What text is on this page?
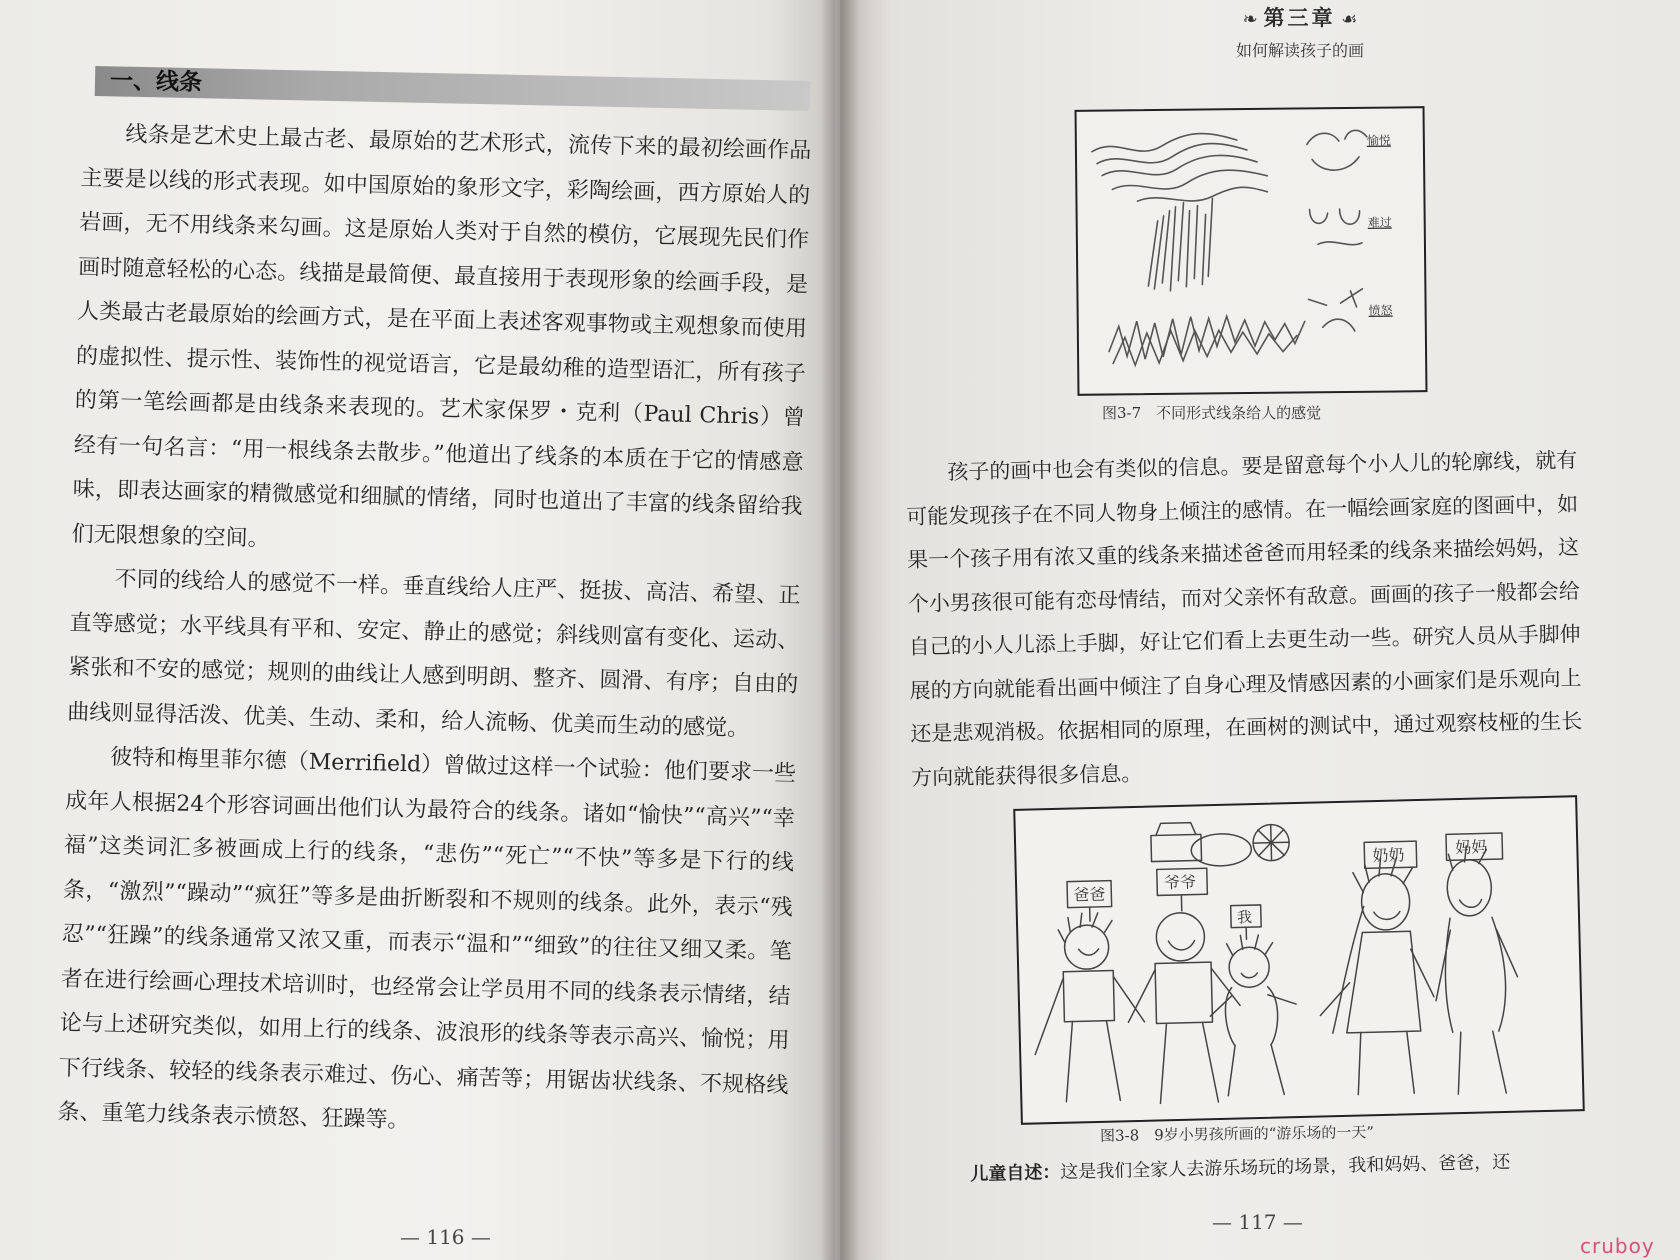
一、线条

线条是艺术史上最古老、最原始的艺术形式，流传下来的最初绘画作品主要是以线的形式表现。如中国原始的象形文字，彩陶绘画，西方原始人的岩画，无不用线条来勾画。这是原始人类对于自然的模仿，它展现先民们作画时随意轻松的心态。线描是最简便、最直接用于表现形象的绘画手段，是人类最古老最原始的绘画方式，是在平面上表述客观事物或主观想象而使用的虚拟性、提示性、装饰性的视觉语言，它是最幼稚的造型语汇，所有孩子的第一笔绘画都是由线条来表现的。艺术家保罗・克利（Paul Chris）曾经有一句名言：“用一根线条去散步。”他道出了线条的本质在于它的情感意味，即表达画家的精微感觉和细腻的情绪，同时也道出了丰富的线条留给我们无限想象的空间。

不同的线给人的感觉不一样。垂直线给人庄严、挺拔、高洁、希望、正直等感觉；水平线具有平和、安定、静止的感觉；斜线则富有变化、运动、紧张和不安的感觉；规则的曲线让人感到明朗、整齐、圆滑、有序；自由的曲线则显得活泼、优美、生动、柔和，给人流畅、优美而生动的感觉。

彼特和梅里菲尔德（Merrifield）曾做过这样一个试验：他们要求一些成年人根据24个形容词画出他们认为最符合的线条。诸如“愉快”“高兴”“幸福”这类词汇多被画成上行的线条，“悲伤”“死亡”“不快”等多是下行的线条，“激烈”“躁动”“疯狂”等多是曲折断裂和不规则的线条。此外，表示“残忍”“狂躁”的线条通常又浓又重，而表示“温和”“细致”的往往又细又柔。笔者在进行绘画心理技术培训时，也经常会让学员用不同的线条表示情绪，结论与上述研究类似，如用上行的线条、波浪形的线条等表示高兴、愉悦；用下行线条、较轻的线条表示难过、伤心、痛苦等；用锯齿状线条、不规格线条、重笔力线条表示愤怒、狂躁等。

— 116 —
❧ 第三章 ☙
如何解读孩子的画
愉悦
难过
愤怒
图3-7　不同形式线条给人的感觉

孩子的画中也会有类似的信息。要是留意每个小人儿的轮廓线，就有可能发现孩子在不同人物身上倾注的感情。在一幅绘画家庭的图画中，如果一个孩子用有浓又重的线条来描述爸爸而用轻柔的线条来描绘妈妈，这个小男孩很可能有恋母情结，而对父亲怀有敌意。画画的孩子一般都会给自己的小人儿添上手脚，好让它们看上去更生动一些。研究人员从手脚伸展的方向就能看出画中倾注了自身心理及情感因素的小画家们是乐观向上还是悲观消极。依据相同的原理，在画树的测试中，通过观察枝桠的生长方向就能获得很多信息。

爸爸
爷爷
我
奶奶	妈妈
图3-8　9岁小男孩所画的“游乐场的一天”
儿童自述：这是我们全家人去游乐场玩的场景，我和妈妈、爸爸，还
— 117 —
cruboy
